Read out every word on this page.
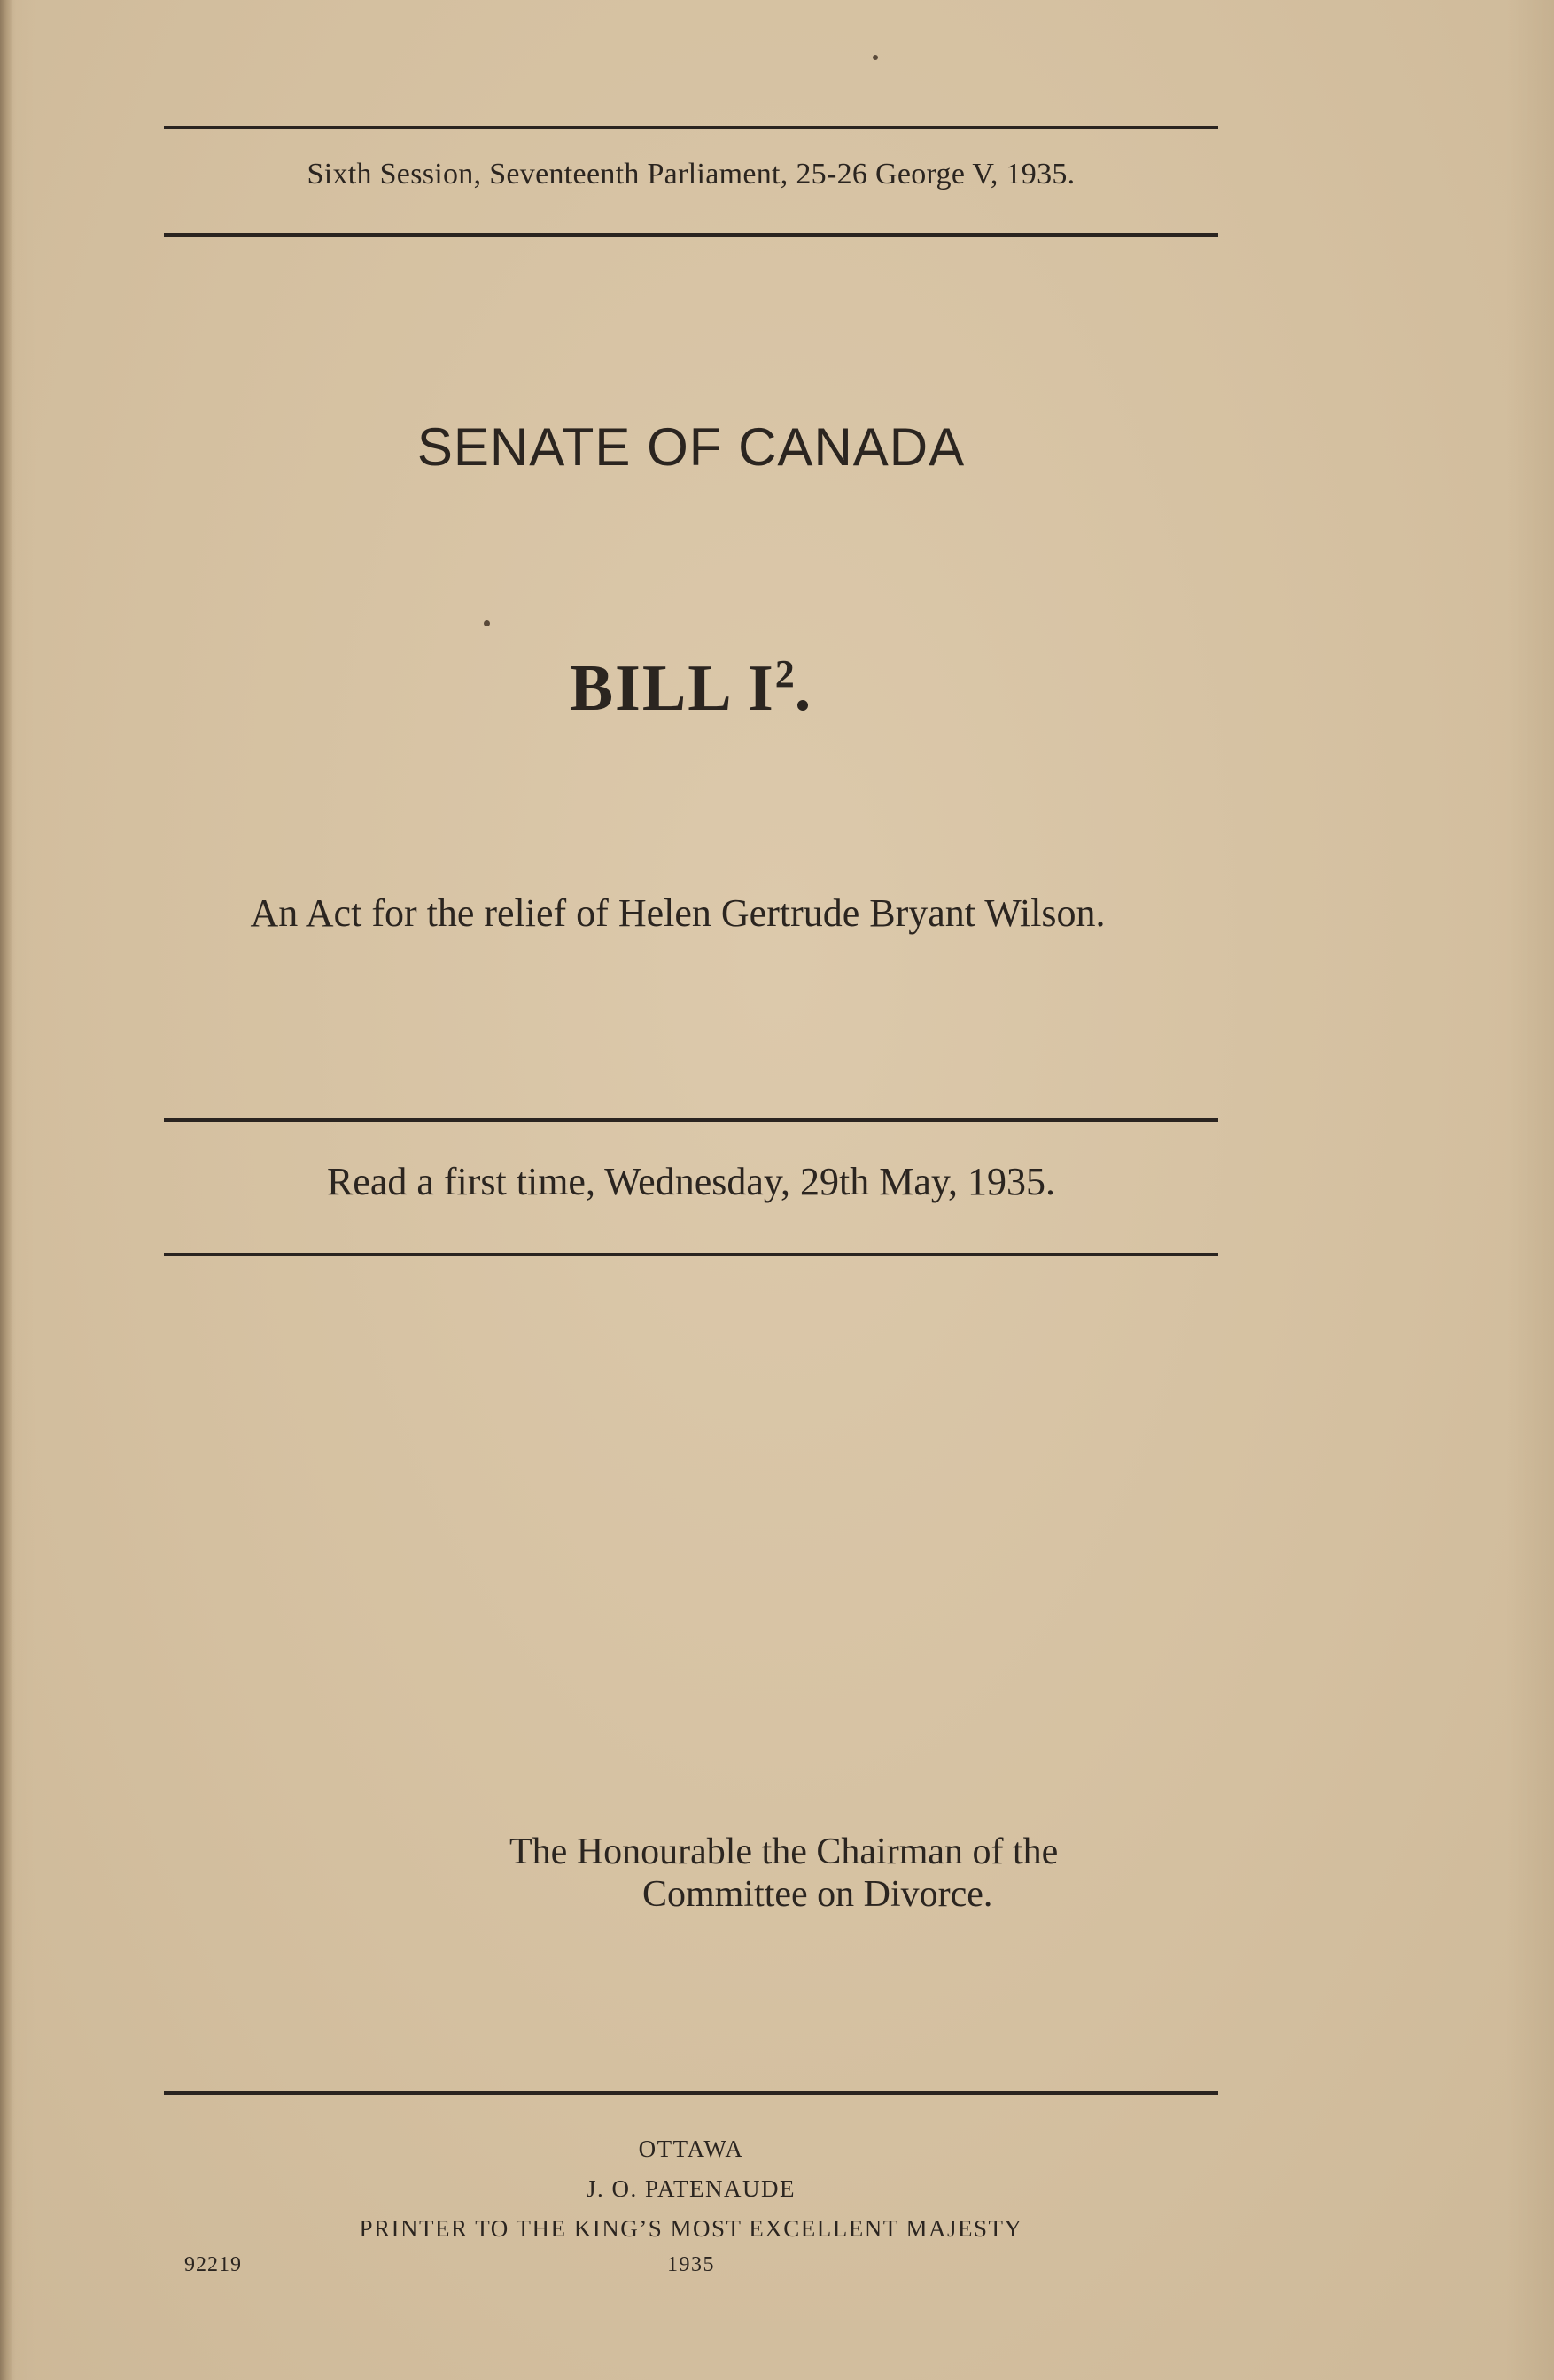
Sixth Session, Seventeenth Parliament, 25-26 George V, 1935.
SENATE OF CANADA
BILL $I^2$.
An Act for the relief of Helen Gertrude Bryant Wilson.
Read a first time, Wednesday, 29th May, 1935.
The Honourable the Chairman of the
Committee on Divorce.
OTTAWA
J. O. PATENAUDE
PRINTER TO THE KING’S MOST EXCELLENT MAJESTY
1935
92219
